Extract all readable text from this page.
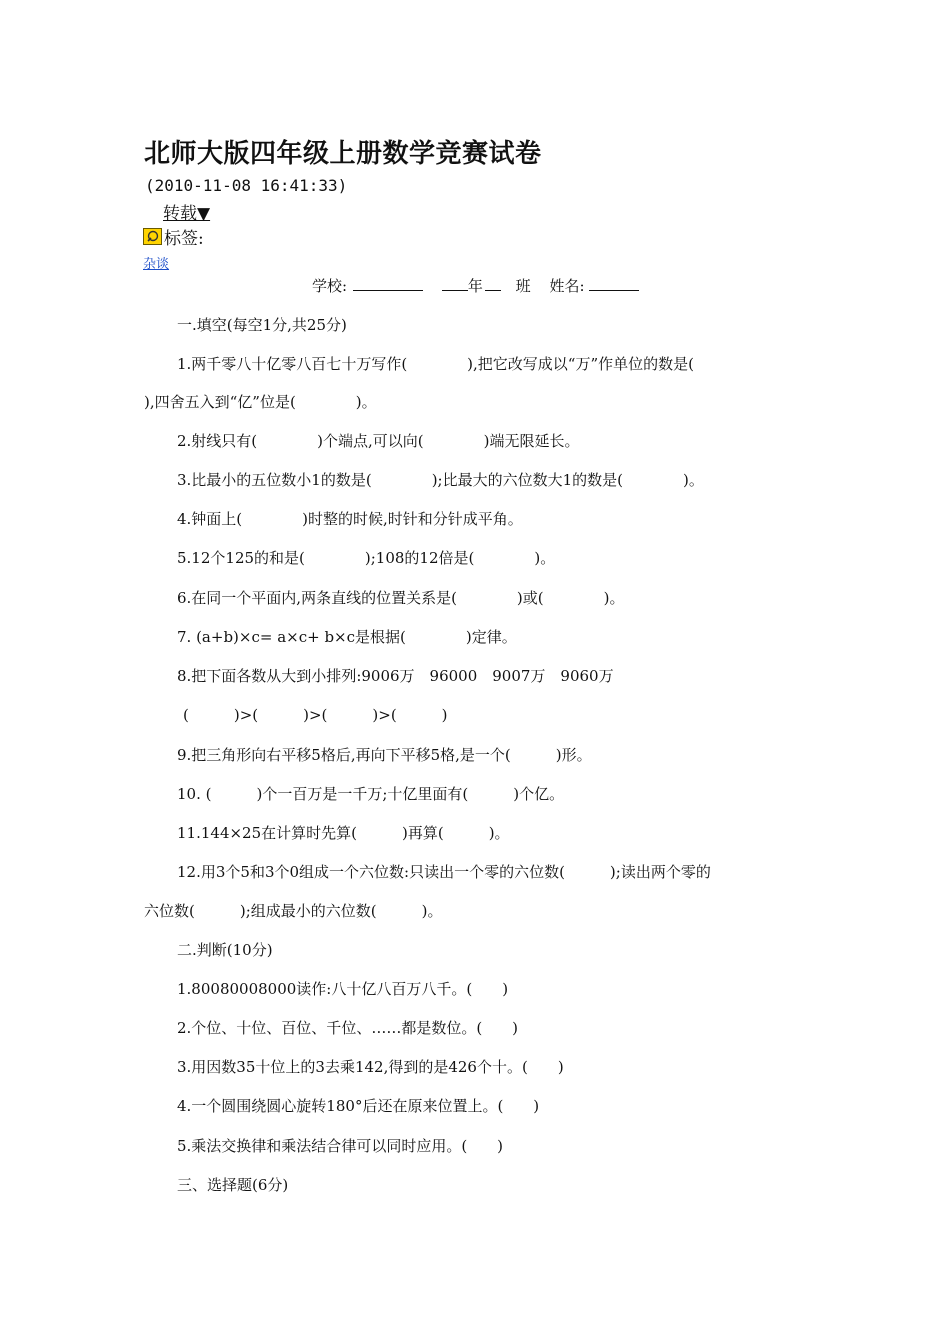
北师大版四年级上册数学竞赛试卷
(2010-11-08 16:41:33)
转载▼
标签:
杂谈
学校:	年 班 姓名:
一.填空(每空1分,共25分)
1.两千零八十亿零八百七十万写作(　　　　),把它改写成以“万”作单位的数是(
),四舍五入到“亿”位是(　　　　)。
2.射线只有(　　　　)个端点,可以向(　　　　)端无限延长。
3.比最小的五位数小1的数是(　　　　);比最大的六位数大1的数是(　　　　)。
4.钟面上(　　　　)时整的时候,时针和分针成平角。
5.12个125的和是(　　　　);108的12倍是(　　　　)。
6.在同一个平面内,两条直线的位置关系是(　　　　)或(　　　　)。
7. (a+b)×c= a×c+ b×c是根据(　　　　)定律。
8.把下面各数从大到小排列:9006万　96000　9007万　9060万
(　　　)>(　　　)>(　　　)>(　　　)
9.把三角形向右平移5格后,再向下平移5格,是一个(　　　)形。
10. (　　　)个一百万是一千万;十亿里面有(　　　)个亿。
11.144×25在计算时先算(　　　)再算(　　　)。
12.用3个5和3个0组成一个六位数:只读出一个零的六位数(　　　);读出两个零的
六位数(　　　);组成最小的六位数(　　　)。
二.判断(10分)
1.80080008000读作:八十亿八百万八千。(　　)
2.个位、十位、百位、千位、……都是数位。(　　)
3.用因数35十位上的3去乘142,得到的是426个十。(　　)
4.一个圆围绕圆心旋转180°后还在原来位置上。(　　)
5.乘法交换律和乘法结合律可以同时应用。(　　)
三、选择题(6分)
